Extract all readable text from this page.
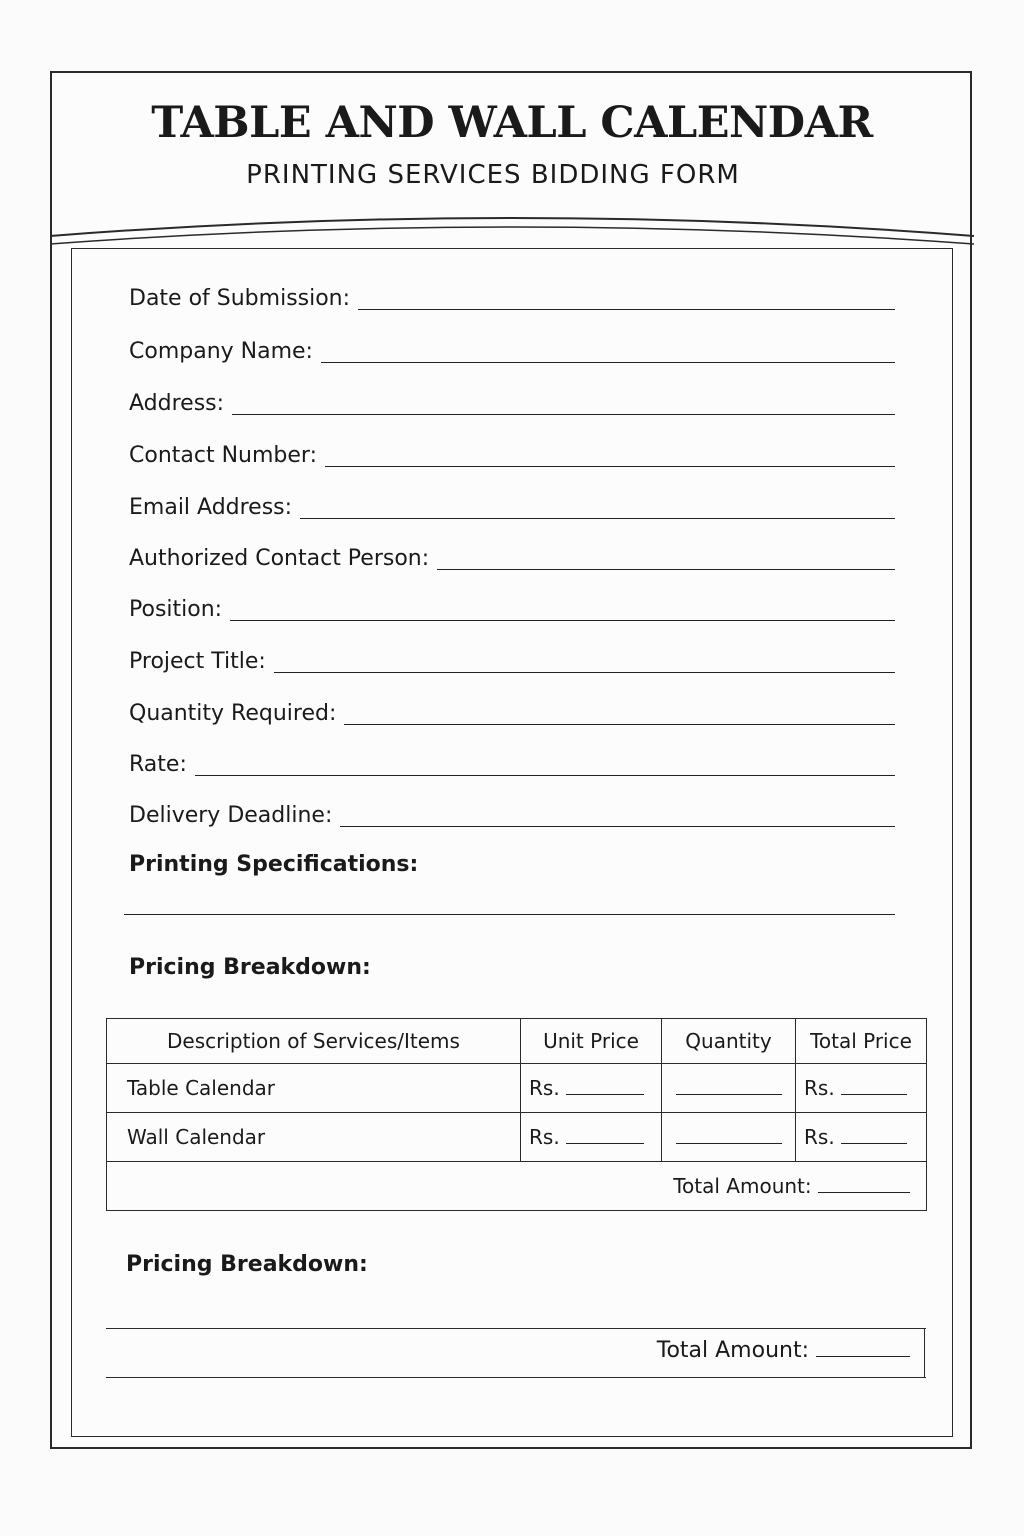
TABLE AND WALL CALENDAR
PRINTING SERVICES BIDDING FORM
Date of Submission:
Company Name:
Address:
Contact Number:
Email Address:
Authorized Contact Person:
Position:
Project Title:
Quantity Required:
Rate:
Delivery Deadline:
Printing Specifications:
Pricing Breakdown:
Description of Services/Items	Unit Price	Quantity	Total Price
Table Calendar	Rs.		Rs.
Wall Calendar	Rs.		Rs.
Total Amount:			
Pricing Breakdown:
Total Amount:
